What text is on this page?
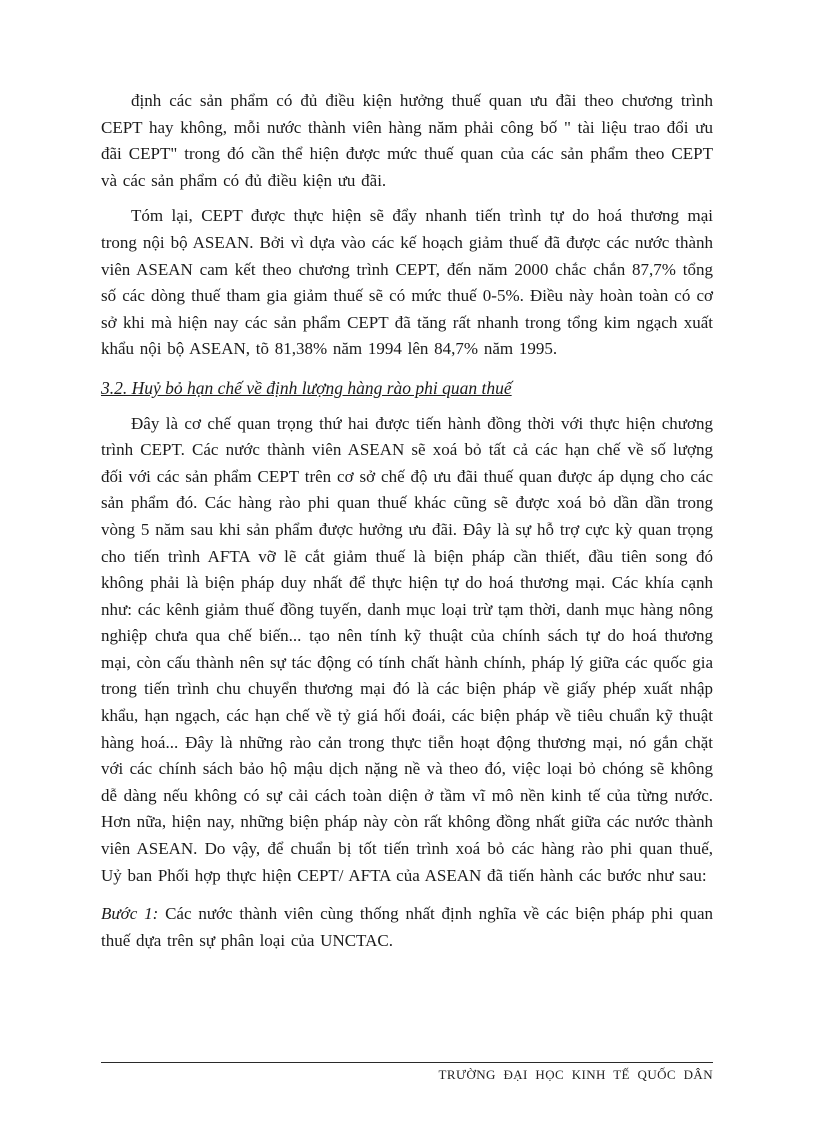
định các sản phẩm có đủ điều kiện hưởng thuế quan ưu đãi theo chương trình CEPT hay không, mỗi nước thành viên hàng năm phải công bố " tài liệu trao đổi ưu đãi CEPT" trong đó cần thể hiện được mức thuế quan của các sản phẩm theo CEPT và các sản phẩm có đủ điều kiện ưu đãi.

Tóm lại, CEPT được thực hiện sẽ đẩy nhanh tiến trình tự do hoá thương mại trong nội bộ ASEAN. Bởi vì dựa vào các kế hoạch giảm thuế đã được các nước thành viên ASEAN cam kết theo chương trình CEPT, đến năm 2000 chắc chắn 87,7% tổng số các dòng thuế tham gia giảm thuế sẽ có mức thuế 0-5%. Điều này hoàn toàn có cơ sở khi mà hiện nay các sản phẩm CEPT đã tăng rất nhanh trong tổng kim ngạch xuất khẩu nội bộ ASEAN, tõ 81,38% năm 1994 lên 84,7% năm 1995.

3.2. Huỷ bỏ hạn chế về định lượng hàng rào phi quan thuế

Đây là cơ chế quan trọng thứ hai được tiến hành đồng thời với thực hiện chương trình CEPT. Các nước thành viên ASEAN sẽ xoá bỏ tất cả các hạn chế về số lượng đối với các sản phẩm CEPT trên cơ sở chế độ ưu đãi thuế quan được áp dụng cho các sản phẩm đó. Các hàng rào phi quan thuế khác cũng sẽ được xoá bỏ dần dần trong vòng 5 năm sau khi sản phẩm được hưởng ưu đãi. Đây là sự hỗ trợ cực kỳ quan trọng cho tiến trình AFTA vỡ lẽ cắt giảm thuế là biện pháp cần thiết, đầu tiên song đó không phải là biện pháp duy nhất để thực hiện tự do hoá thương mại. Các khía cạnh như: các kênh giảm thuế đồng tuyến, danh mục loại trừ tạm thời, danh mục hàng nông nghiệp chưa qua chế biến... tạo nên tính kỹ thuật của chính sách tự do hoá thương mại, còn cấu thành nên sự tác động có tính chất hành chính, pháp lý giữa các quốc gia trong tiến trình chu chuyển thương mại đó là các biện pháp về giấy phép xuất nhập khẩu, hạn ngạch, các hạn chế về tỷ giá hối đoái, các biện pháp về tiêu chuẩn kỹ thuật hàng hoá... Đây là những rào cản trong thực tiễn hoạt động thương mại, nó gắn chặt với các chính sách bảo hộ mậu dịch nặng nề và theo đó, việc loại bỏ chóng sẽ không dễ dàng nếu không có sự cải cách toàn diện ở tầm vĩ mô nền kinh tế của từng nước. Hơn nữa, hiện nay, những biện pháp này còn rất không đồng nhất giữa các nước thành viên ASEAN. Do vậy, để chuẩn bị tốt tiến trình xoá bỏ các hàng rào phi quan thuế, Uỷ ban Phối hợp thực hiện CEPT/ AFTA của ASEAN đã tiến hành các bước như sau:

Bước 1: Các nước thành viên cùng thống nhất định nghĩa về các biện pháp phi quan thuế dựa trên sự phân loại của UNCTAC.

TRƯỜNG ĐẠI HỌC KINH TẾ QUỐC DÂN
